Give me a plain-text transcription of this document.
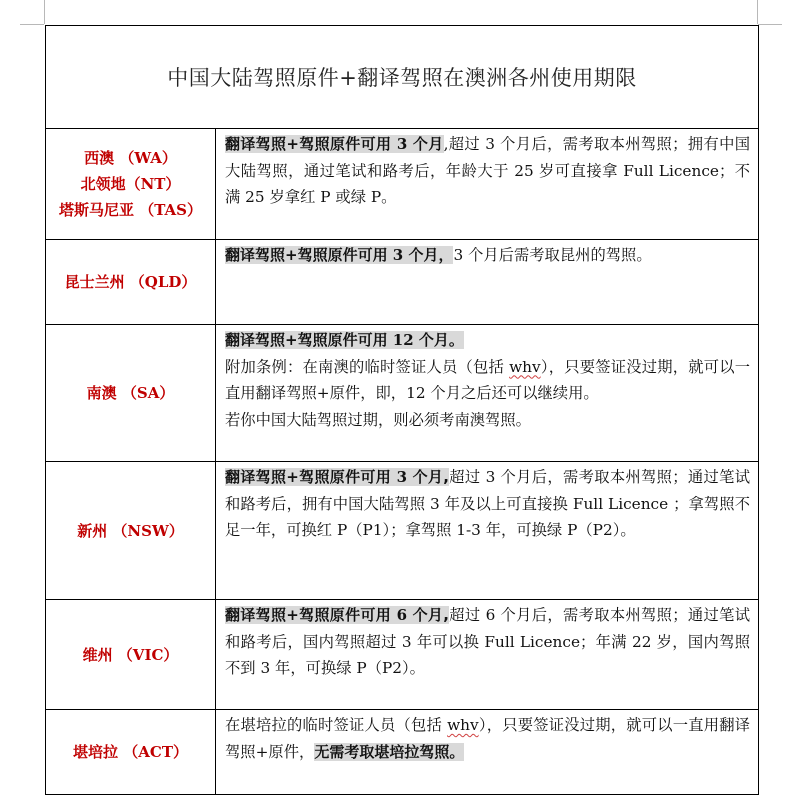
中国大陆驾照原件+翻译驾照在澳洲各州使用期限	

西澳 （WA）
北领地（NT）
塔斯马尼亚 （TAS）	翻译驾照+驾照原件可用 3 个月,超过 3 个月后，需考取本州驾照；拥有中国大陆驾照，通过笔试和路考后，年龄大于 25 岁可直接拿 Full Licence；不满 25 岁拿红 P 或绿 P。

昆士兰州 （QLD）	翻译驾照+驾照原件可用 3 个月，3 个月后需考取昆州的驾照。

南澳 （SA）	翻译驾照+驾照原件可用 12 个月。
附加条例：在南澳的临时签证人员（包括 whv），只要签证没过期，就可以一直用翻译驾照+原件，即，12 个月之后还可以继续用。
若你中国大陆驾照过期，则必须考南澳驾照。

新州 （NSW）	翻译驾照+驾照原件可用 3 个月,超过 3 个月后，需考取本州驾照；通过笔试和路考后，拥有中国大陆驾照 3 年及以上可直接换 Full Licence ；拿驾照不足一年，可换红 P（P1）；拿驾照 1-3 年，可换绿 P（P2）。

维州 （VIC）	翻译驾照+驾照原件可用 6 个月,超过 6 个月后，需考取本州驾照；通过笔试和路考后，国内驾照超过 3 年可以换 Full Licence；年满 22 岁，国内驾照不到 3 年，可换绿 P（P2）。

堪培拉 （ACT）	在堪培拉的临时签证人员（包括 whv），只要签证没过期，就可以一直用翻译驾照+原件，无需考取堪培拉驾照。
